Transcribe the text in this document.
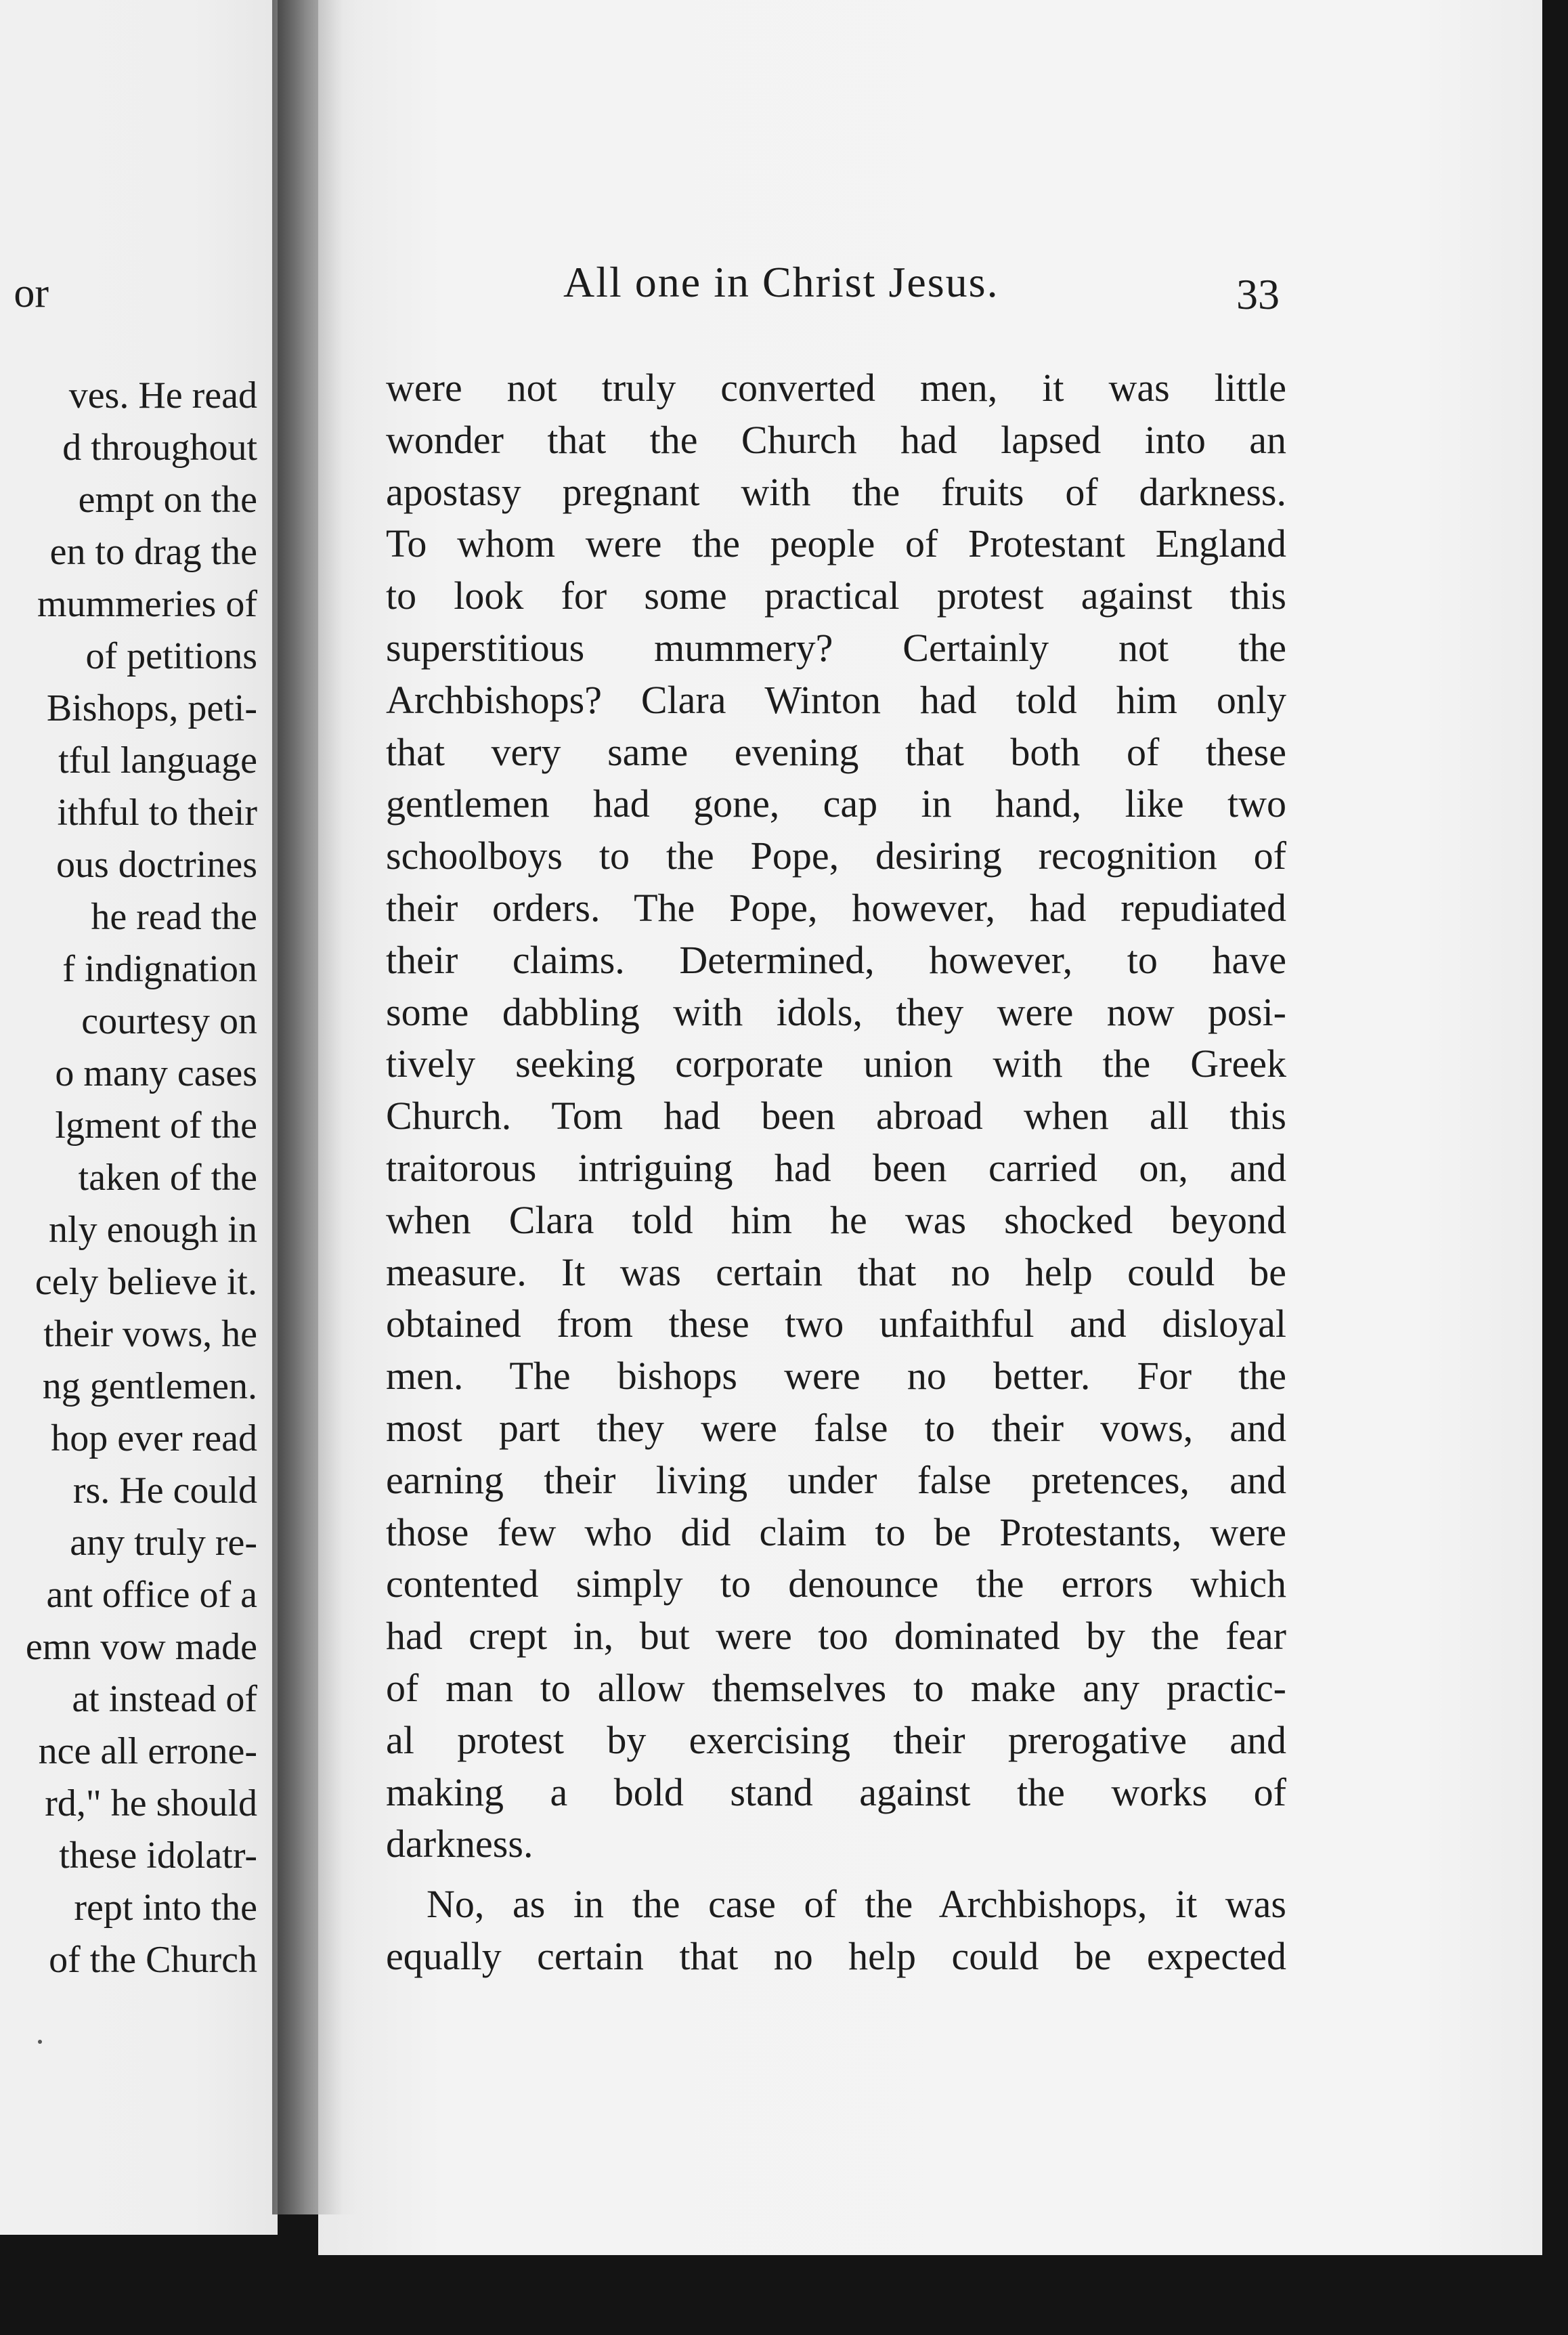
or
ves. He read
d throughout
empt on the
en to drag the
mummeries of
of petitions
Bishops, peti-
tful language
ithful to their
ous doctrines
he read the
f indignation
courtesy on
o many cases
lgment of the
taken of the
nly enough in
cely believe it.
their vows, he
ng gentlemen.
hop ever read
rs. He could
any truly re-
ant office of a
emn vow made
at instead of
nce all errone-
rd," he should
these idolatr-
rept into the
of the Church
All one in Christ Jesus.	33
were not truly converted men, it was little
wonder that the Church had lapsed into an
apostasy pregnant with the fruits of darkness.
To whom were the people of Protestant England
to look for some practical protest against this
superstitious mummery? Certainly not the
Archbishops? Clara Winton had told him only
that very same evening that both of these
gentlemen had gone, cap in hand, like two
schoolboys to the Pope, desiring recognition of
their orders. The Pope, however, had repudiated
their claims. Determined, however, to have
some dabbling with idols, they were now posi-
tively seeking corporate union with the Greek
Church. Tom had been abroad when all this
traitorous intriguing had been carried on, and
when Clara told him he was shocked beyond
measure. It was certain that no help could be
obtained from these two unfaithful and disloyal
men. The bishops were no better. For the
most part they were false to their vows, and
earning their living under false pretences, and
those few who did claim to be Protestants, were
contented simply to denounce the errors which
had crept in, but were too dominated by the fear
of man to allow themselves to make any practic-
al protest by exercising their prerogative and
making a bold stand against the works of
darkness.
No, as in the case of the Archbishops, it was
equally certain that no help could be expected
